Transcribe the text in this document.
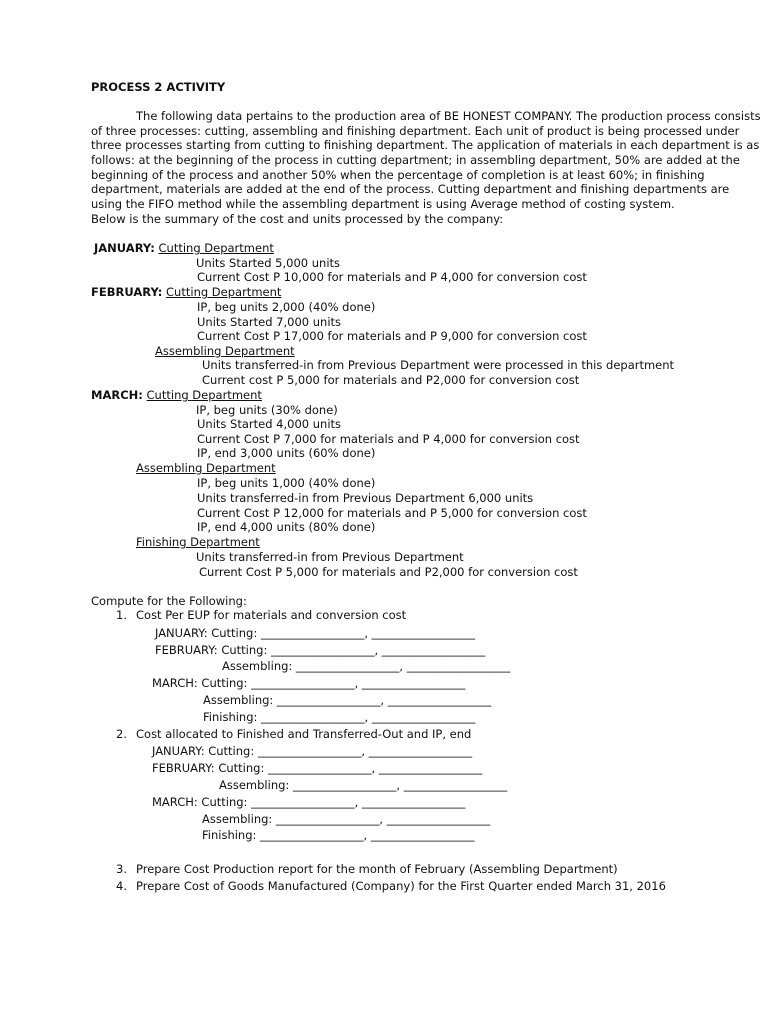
PROCESS 2 ACTIVITY
The following data pertains to the production area of BE HONEST COMPANY. The production process consists
of three processes: cutting, assembling and finishing department. Each unit of product is being processed under
three processes starting from cutting to finishing department. The application of materials in each department is as
follows: at the beginning of the process in cutting department; in assembling department, 50% are added at the
beginning of the process and another 50% when the percentage of completion is at least 60%; in finishing
department, materials are added at the end of the process. Cutting department and finishing departments are
using the FIFO method while the assembling department is using Average method of costing system.
Below is the summary of the cost and units processed by the company:
JANUARY: Cutting Department
Units Started 5,000 units
Current Cost P 10,000 for materials and P 4,000 for conversion cost
FEBRUARY: Cutting Department
IP, beg units 2,000 (40% done)
Units Started 7,000 units
Current Cost P 17,000 for materials and P 9,000 for conversion cost
Assembling Department
Units transferred-in from Previous Department were processed in this department
Current cost P 5,000 for materials and P2,000 for conversion cost
MARCH: Cutting Department
IP, beg units (30% done)
Units Started 4,000 units
Current Cost P 7,000 for materials and P 4,000 for conversion cost
IP, end 3,000 units (60% done)
Assembling Department
IP, beg units 1,000 (40% done)
Units transferred-in from Previous Department 6,000 units
Current Cost P 12,000 for materials and P 5,000 for conversion cost
IP, end 4,000 units (80% done)
Finishing Department
Units transferred-in from Previous Department
Current Cost P 5,000 for materials and P2,000 for conversion cost
Compute for the Following:
1. Cost Per EUP for materials and conversion cost
JANUARY: Cutting: __________________, __________________
FEBRUARY: Cutting: __________________, __________________
Assembling: __________________, __________________
MARCH: Cutting: __________________, __________________
Assembling: __________________, __________________
Finishing: __________________, __________________
2. Cost allocated to Finished and Transferred-Out and IP, end
JANUARY: Cutting: __________________, __________________
FEBRUARY: Cutting: __________________, __________________
Assembling: __________________, __________________
MARCH: Cutting: __________________, __________________
Assembling: __________________, __________________
Finishing: __________________, __________________
3. Prepare Cost Production report for the month of February (Assembling Department)
4. Prepare Cost of Goods Manufactured (Company) for the First Quarter ended March 31, 2016
